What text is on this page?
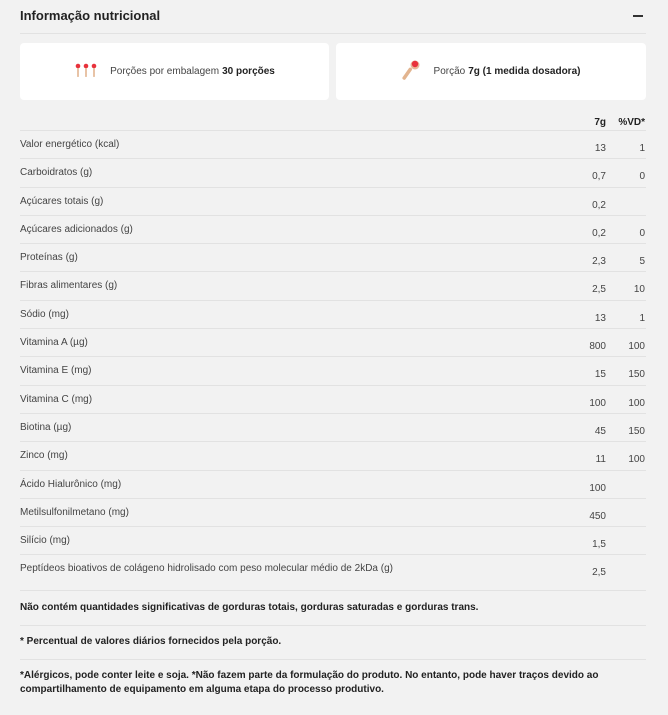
Informação nutricional
Porções por embalagem 30 porções	Porção 7g (1 medida dosadora)
7g %VD*
Valor energético (kcal)	13	1
Carboidratos (g)	0,7	0
Açúcares totais (g)	0,2
Açúcares adicionados (g)	0,2	0
Proteínas (g)	2,3	5
Fibras alimentares (g)	2,5	10
Sódio (mg)	13	1
Vitamina A (µg)	800 100
Vitamina E (mg)	15 150
Vitamina C (mg)	100 100
Biotina (µg)	45 150
Zinco (mg)	11 100
Ácido Hialurônico (mg)	100
Metilsulfonilmetano (mg)	450
Silício (mg)	1,5
Peptídeos bioativos de colágeno hidrolisado com peso molecular médio de 2kDa (g)	2,5
Não contém quantidades significativas de gorduras totais, gorduras saturadas e gorduras trans.
* Percentual de valores diários fornecidos pela porção.
*Alérgicos, pode conter leite e soja. *Não fazem parte da formulação do produto. No entanto, pode haver traços devido ao compartilhamento de equipamento em alguma etapa do processo produtivo.
